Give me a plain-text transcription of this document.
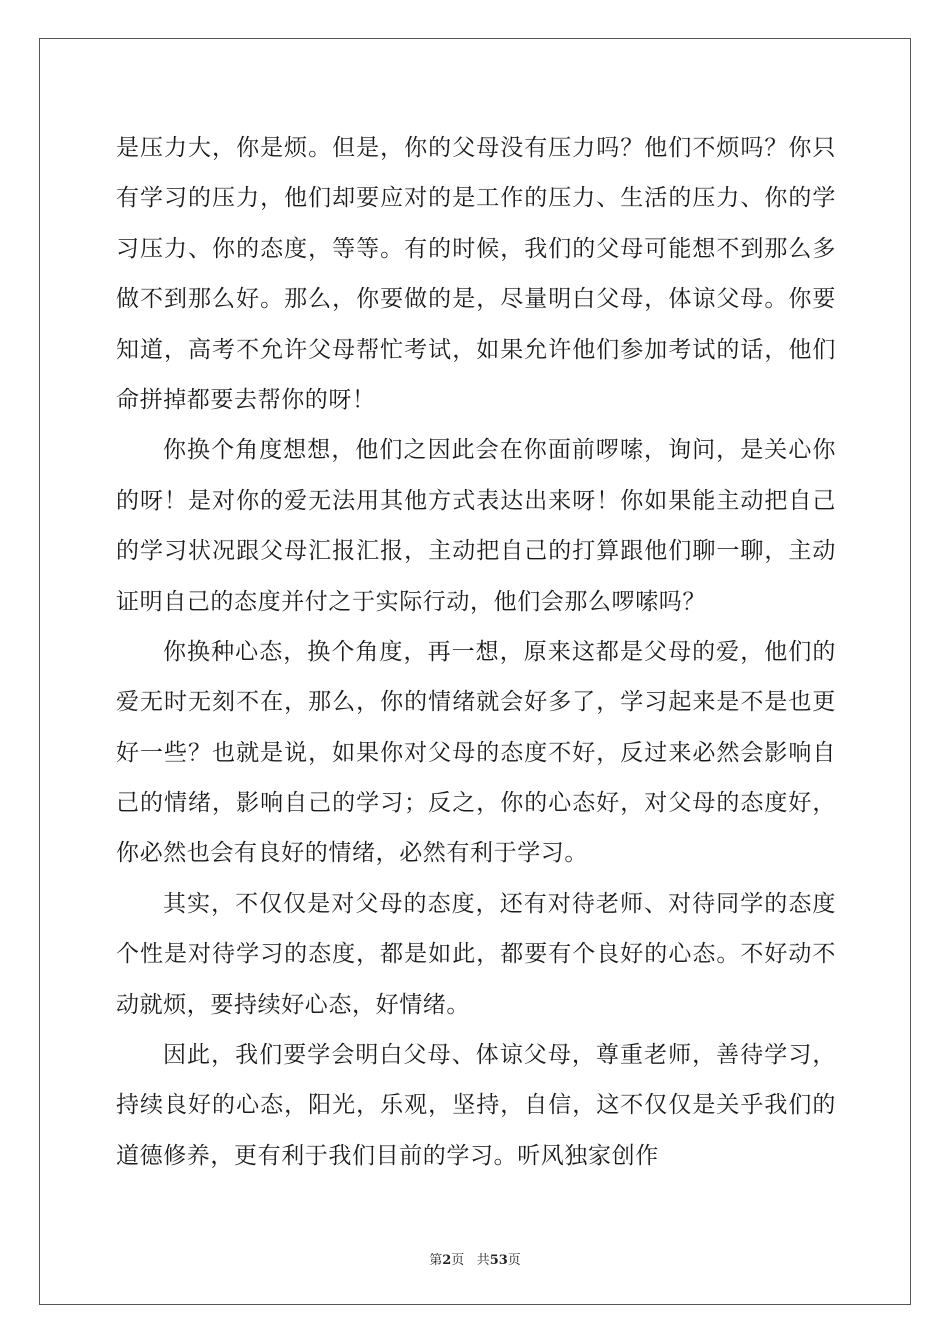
是压力大，你是烦。但是，你的父母没有压力吗？他们不烦吗？你只
有学习的压力，他们却要应对的是工作的压力、生活的压力、你的学
习压力、你的态度，等等。有的时候，我们的父母可能想不到那么多
做不到那么好。那么，你要做的是，尽量明白父母，体谅父母。你要
知道，高考不允许父母帮忙考试，如果允许他们参加考试的话，他们
命拼掉都要去帮你的呀！
你换个角度想想，他们之因此会在你面前啰嗦，询问，是关心你
的呀！是对你的爱无法用其他方式表达出来呀！你如果能主动把自己
的学习状况跟父母汇报汇报，主动把自己的打算跟他们聊一聊，主动
证明自己的态度并付之于实际行动，他们会那么啰嗦吗？
你换种心态，换个角度，再一想，原来这都是父母的爱，他们的
爱无时无刻不在，那么，你的情绪就会好多了，学习起来是不是也更
好一些？也就是说，如果你对父母的态度不好，反过来必然会影响自
己的情绪，影响自己的学习；反之，你的心态好，对父母的态度好，
你必然也会有良好的情绪，必然有利于学习。
其实，不仅仅是对父母的态度，还有对待老师、对待同学的态度
个性是对待学习的态度，都是如此，都要有个良好的心态。不好动不
动就烦，要持续好心态，好情绪。
因此，我们要学会明白父母、体谅父母，尊重老师，善待学习，
持续良好的心态，阳光，乐观，坚持，自信，这不仅仅是关乎我们的
道德修养，更有利于我们目前的学习。听风独家创作
第2页 共53页
